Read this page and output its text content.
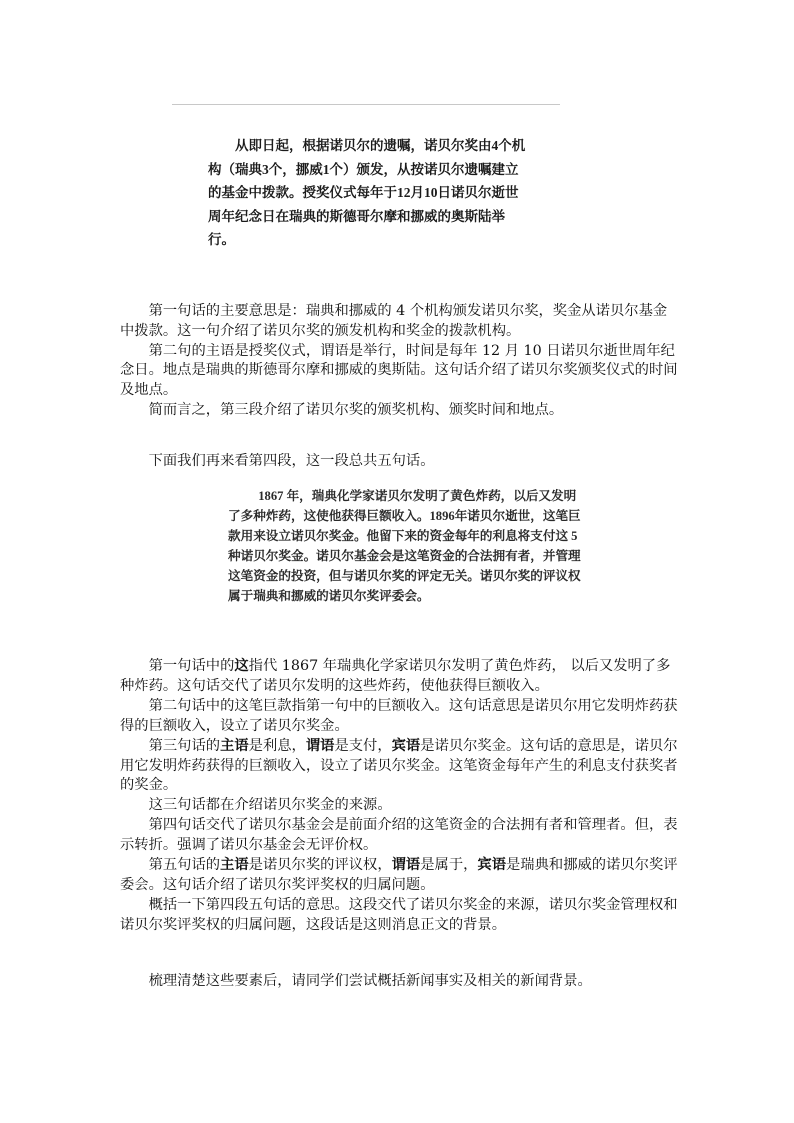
从即日起，根据诺贝尔的遗嘱，诺贝尔奖由4个机构（瑞典3个，挪威1个）颁发，从按诺贝尔遗嘱建立的基金中拨款。授奖仪式每年于12月10日诺贝尔逝世周年纪念日在瑞典的斯德哥尔摩和挪威的奥斯陆举行。

第一句话的主要意思是：瑞典和挪威的 4 个机构颁发诺贝尔奖，奖金从诺贝尔基金中拨款。这一句介绍了诺贝尔奖的颁发机构和奖金的拨款机构。

第二句的主语是授奖仪式，谓语是举行，时间是每年 12 月 10 日诺贝尔逝世周年纪念日。地点是瑞典的斯德哥尔摩和挪威的奥斯陆。这句话介绍了诺贝尔奖颁奖仪式的时间及地点。

简而言之，第三段介绍了诺贝尔奖的颁奖机构、颁奖时间和地点。

下面我们再来看第四段，这一段总共五句话。

1867 年，瑞典化学家诺贝尔发明了黄色炸药，以后又发明了多种炸药，这使他获得巨额收入。1896年诺贝尔逝世，这笔巨款用来设立诺贝尔奖金。他留下来的资金每年的利息将支付这 5 种诺贝尔奖金。诺贝尔基金会是这笔资金的合法拥有者，并管理这笔资金的投资，但与诺贝尔奖的评定无关。诺贝尔奖的评议权属于瑞典和挪威的诺贝尔奖评委会。

第一句话中的这指代 1867 年瑞典化学家诺贝尔发明了黄色炸药， 以后又发明了多种炸药。这句话交代了诺贝尔发明的这些炸药，使他获得巨额收入。

第二句话中的这笔巨款指第一句中的巨额收入。这句话意思是诺贝尔用它发明炸药获得的巨额收入，设立了诺贝尔奖金。

第三句话的主语是利息，谓语是支付，宾语是诺贝尔奖金。这句话的意思是，诺贝尔用它发明炸药获得的巨额收入，设立了诺贝尔奖金。这笔资金每年产生的利息支付获奖者的奖金。

这三句话都在介绍诺贝尔奖金的来源。

第四句话交代了诺贝尔基金会是前面介绍的这笔资金的合法拥有者和管理者。但，表示转折。强调了诺贝尔基金会无评价权。

第五句话的主语是诺贝尔奖的评议权，谓语是属于，宾语是瑞典和挪威的诺贝尔奖评委会。这句话介绍了诺贝尔奖评奖权的归属问题。

概括一下第四段五句话的意思。这段交代了诺贝尔奖金的来源，诺贝尔奖金管理权和诺贝尔奖评奖权的归属问题，这段话是这则消息正文的背景。

梳理清楚这些要素后，请同学们尝试概括新闻事实及相关的新闻背景。
